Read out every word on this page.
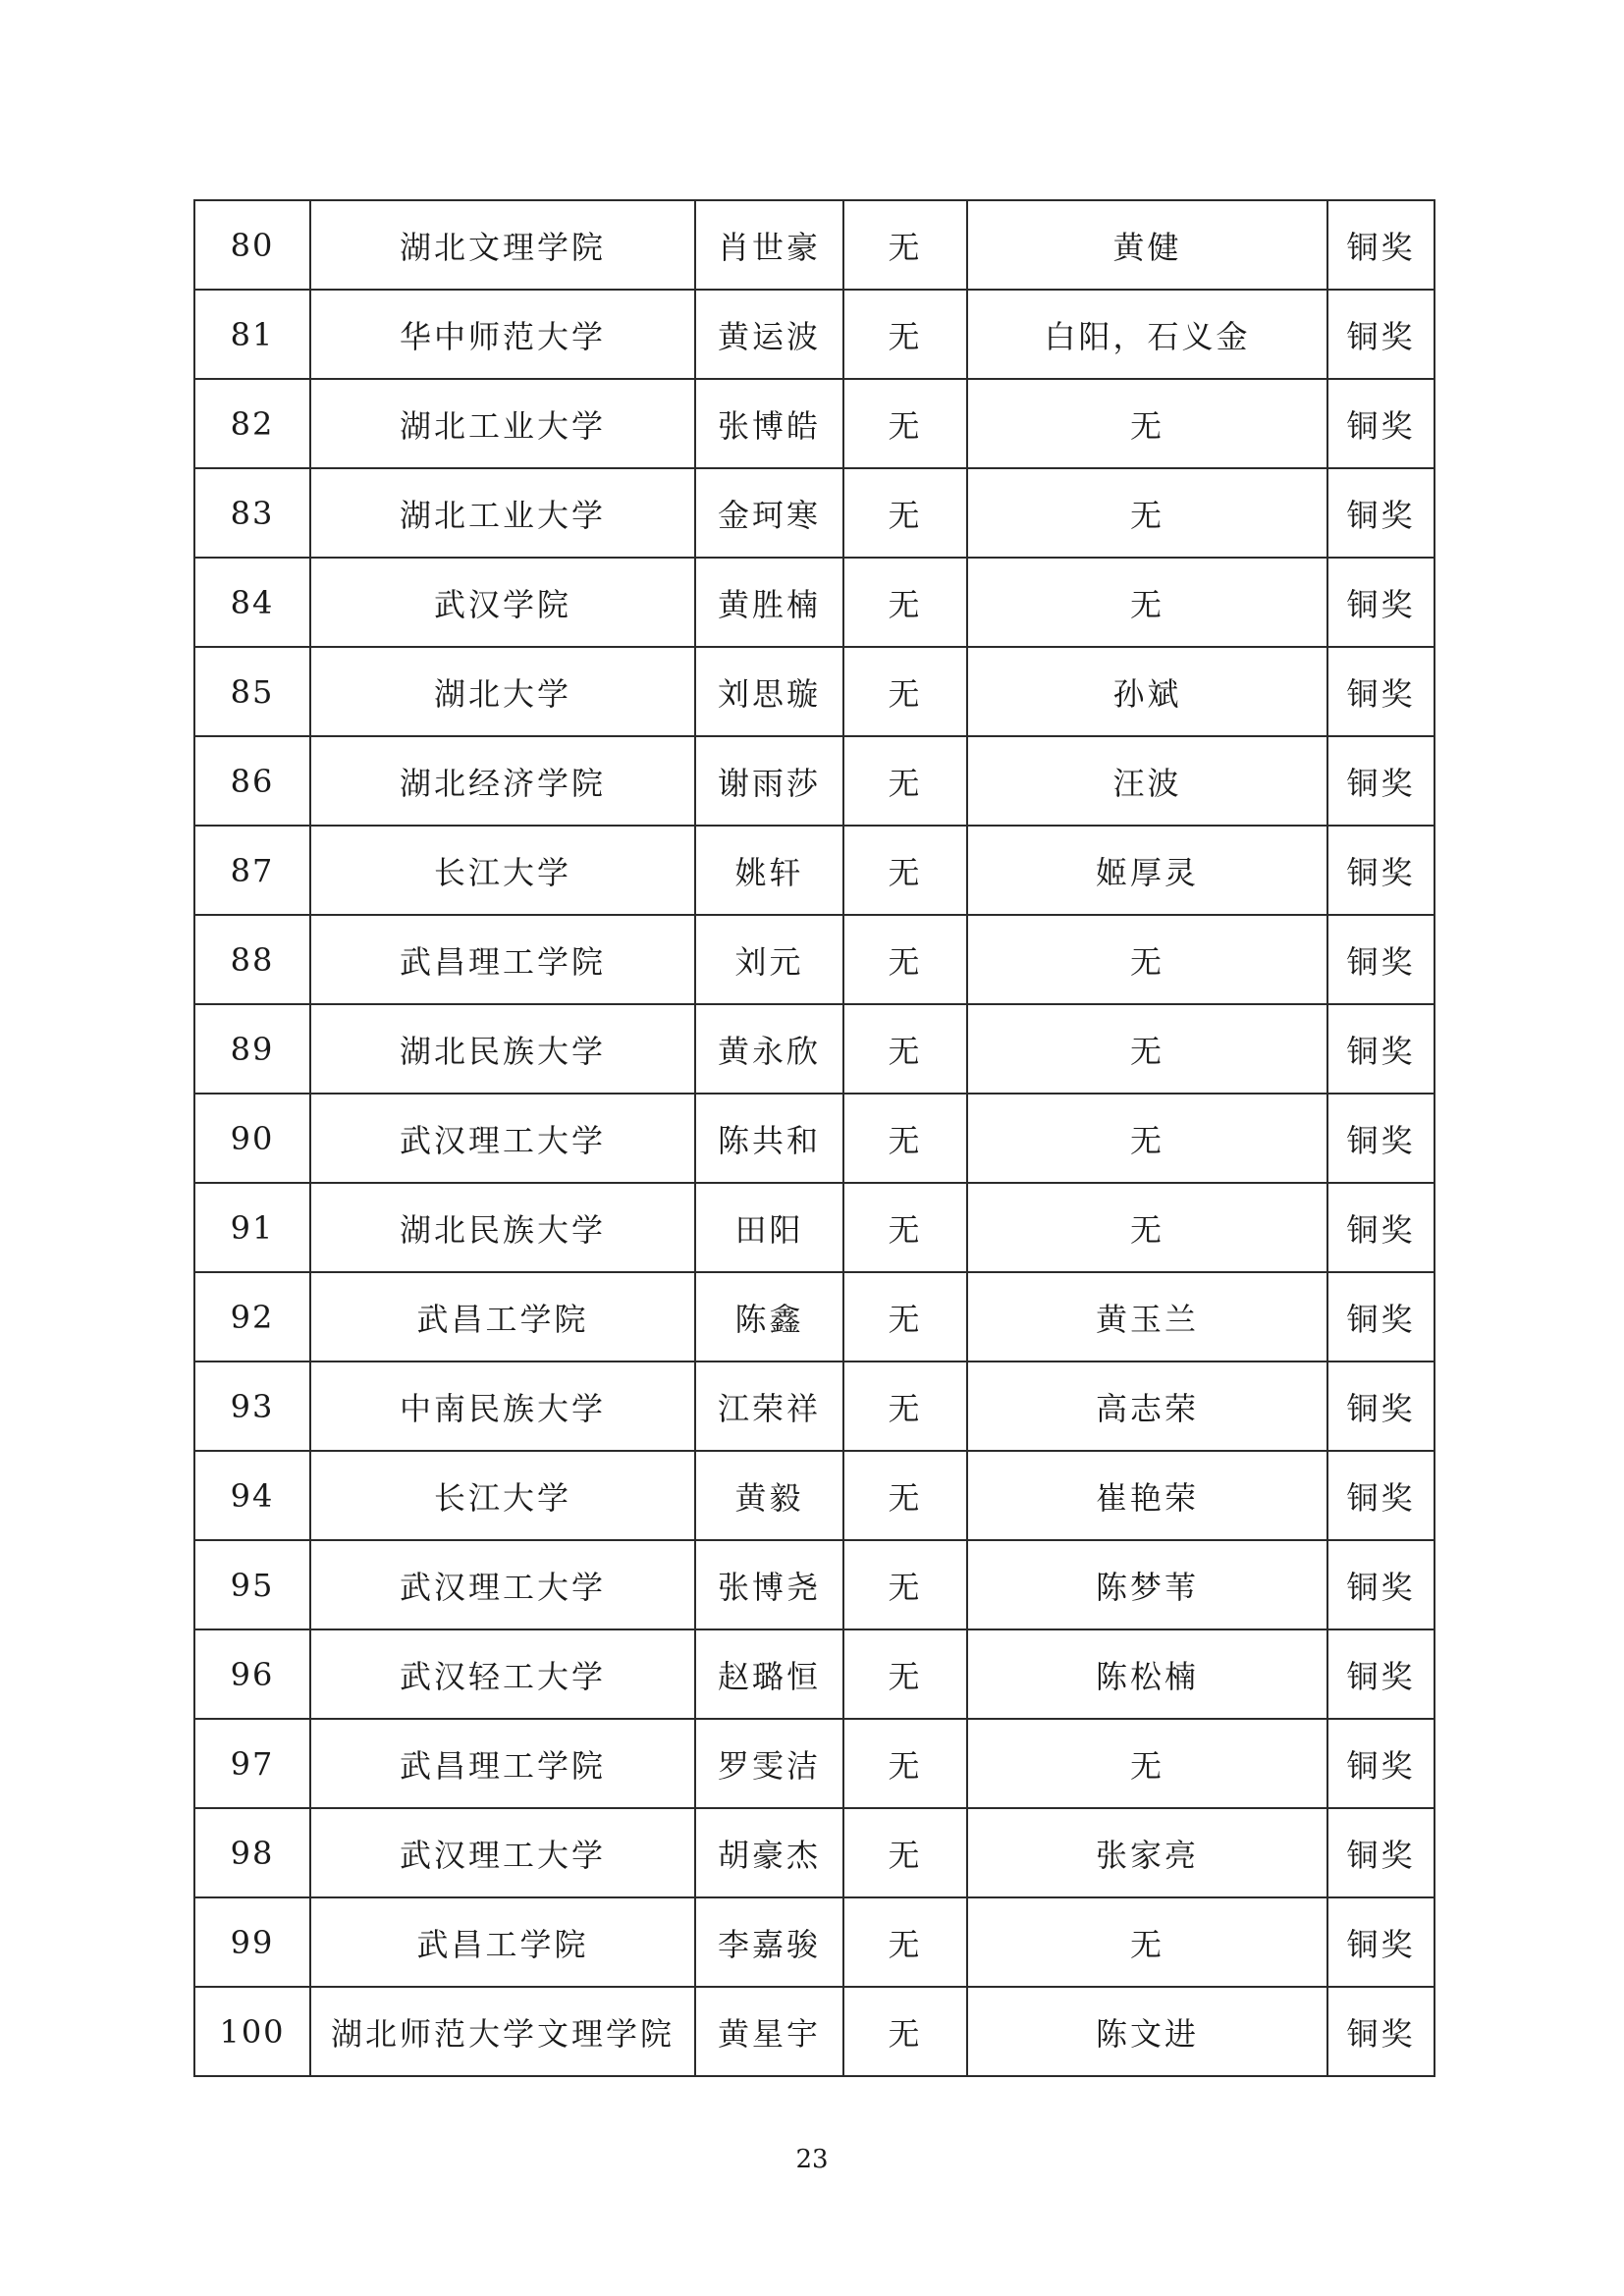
80	湖北文理学院	肖世豪	无	黄健	铜奖
81	华中师范大学	黄运波	无	白阳，石义金	铜奖
82	湖北工业大学	张博皓	无	无	铜奖
83	湖北工业大学	金珂寒	无	无	铜奖
84	武汉学院	黄胜楠	无	无	铜奖
85	湖北大学	刘思璇	无	孙斌	铜奖
86	湖北经济学院	谢雨莎	无	汪波	铜奖
87	长江大学	姚轩	无	姬厚灵	铜奖
88	武昌理工学院	刘元	无	无	铜奖
89	湖北民族大学	黄永欣	无	无	铜奖
90	武汉理工大学	陈共和	无	无	铜奖
91	湖北民族大学	田阳	无	无	铜奖
92	武昌工学院	陈鑫	无	黄玉兰	铜奖
93	中南民族大学	江荣祥	无	高志荣	铜奖
94	长江大学	黄毅	无	崔艳荣	铜奖
95	武汉理工大学	张博尧	无	陈梦苇	铜奖
96	武汉轻工大学	赵璐恒	无	陈松楠	铜奖
97	武昌理工学院	罗雯洁	无	无	铜奖
98	武汉理工大学	胡豪杰	无	张家亮	铜奖
99	武昌工学院	李嘉骏	无	无	铜奖
100	湖北师范大学文理学院	黄星宇	无	陈文进	铜奖
23
